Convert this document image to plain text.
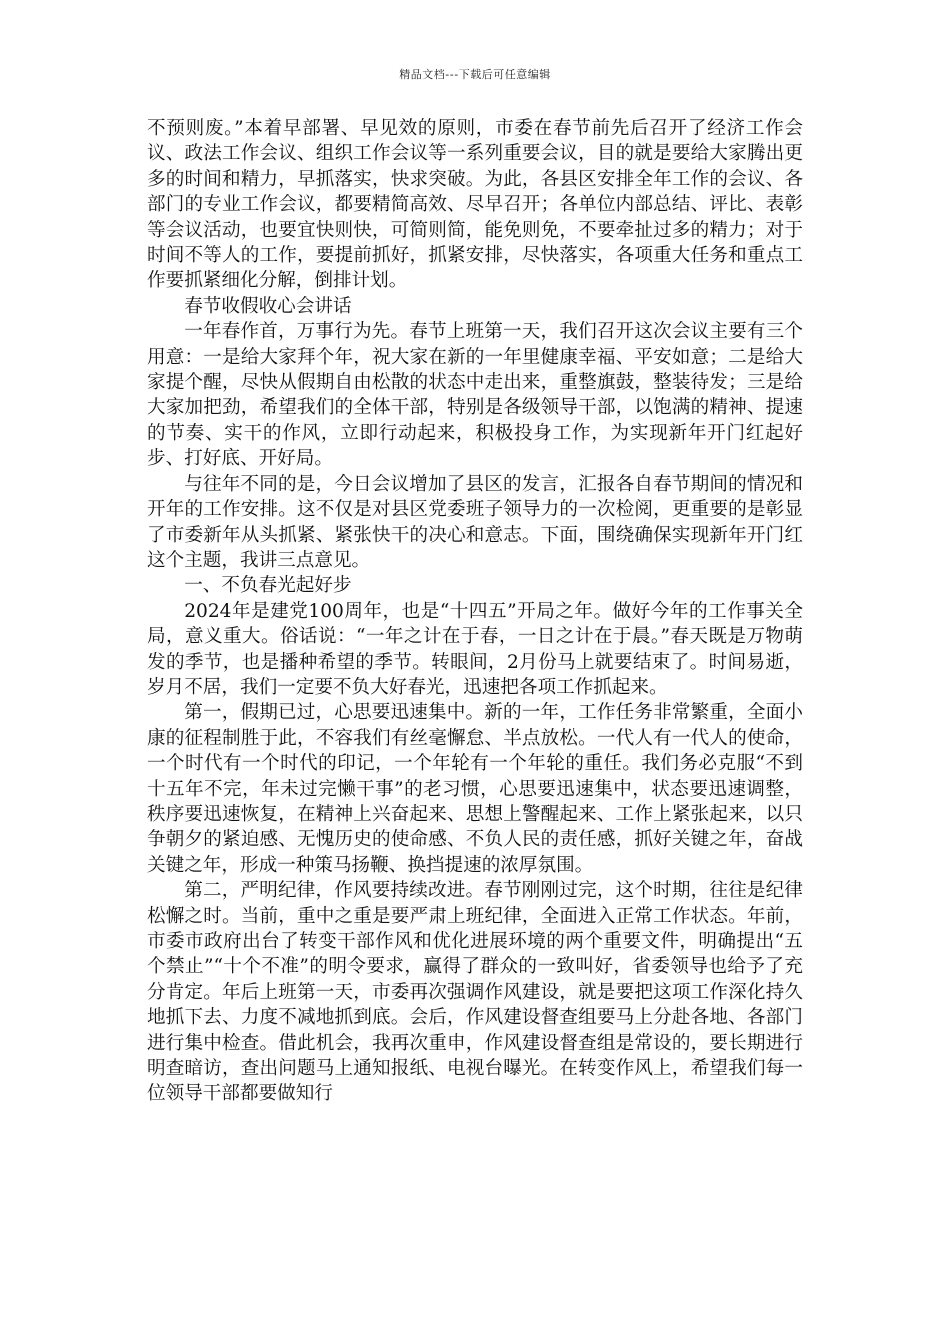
精品文档---下载后可任意编辑

不预则废。”本着早部署、早见效的原则，市委在春节前先后召开了经济工作会议、政法工作会议、组织工作会议等一系列重要会议，目的就是要给大家腾出更多的时间和精力，早抓落实，快求突破。为此，各县区安排全年工作的会议、各部门的专业工作会议，都要精简高效、尽早召开；各单位内部总结、评比、表彰等会议活动，也要宜快则快，可简则简，能免则免，不要牵扯过多的精力；对于时间不等人的工作，要提前抓好，抓紧安排，尽快落实，各项重大任务和重点工作要抓紧细化分解，倒排计划。

春节收假收心会讲话

一年春作首，万事行为先。春节上班第一天，我们召开这次会议主要有三个用意：一是给大家拜个年，祝大家在新的一年里健康幸福、平安如意；二是给大家提个醒，尽快从假期自由松散的状态中走出来，重整旗鼓，整装待发；三是给大家加把劲，希望我们的全体干部，特别是各级领导干部，以饱满的精神、提速的节奏、实干的作风，立即行动起来，积极投身工作，为实现新年开门红起好步、打好底、开好局。

与往年不同的是，今日会议增加了县区的发言，汇报各自春节期间的情况和开年的工作安排。这不仅是对县区党委班子领导力的一次检阅，更重要的是彰显了市委新年从头抓紧、紧张快干的决心和意志。下面，围绕确保实现新年开门红这个主题，我讲三点意见。

一、不负春光起好步

2024年是建党100周年，也是“十四五”开局之年。做好今年的工作事关全局，意义重大。俗话说：“一年之计在于春，一日之计在于晨。”春天既是万物萌发的季节，也是播种希望的季节。转眼间，2月份马上就要结束了。时间易逝，岁月不居，我们一定要不负大好春光，迅速把各项工作抓起来。

第一，假期已过，心思要迅速集中。新的一年，工作任务非常繁重，全面小康的征程制胜于此，不容我们有丝毫懈怠、半点放松。一代人有一代人的使命，一个时代有一个时代的印记，一个年轮有一个年轮的重任。我们务必克服“不到十五年不完，年未过完懒干事”的老习惯，心思要迅速集中，状态要迅速调整，秩序要迅速恢复，在精神上兴奋起来、思想上警醒起来、工作上紧张起来，以只争朝夕的紧迫感、无愧历史的使命感、不负人民的责任感，抓好关键之年，奋战关键之年，形成一种策马扬鞭、换挡提速的浓厚氛围。

第二，严明纪律，作风要持续改进。春节刚刚过完，这个时期，往往是纪律松懈之时。当前，重中之重是要严肃上班纪律，全面进入正常工作状态。年前，市委市政府出台了转变干部作风和优化进展环境的两个重要文件，明确提出“五个禁止”“十个不准”的明令要求，赢得了群众的一致叫好，省委领导也给予了充分肯定。年后上班第一天，市委再次强调作风建设，就是要把这项工作深化持久地抓下去、力度不减地抓到底。会后，作风建设督查组要马上分赴各地、各部门进行集中检查。借此机会，我再次重申，作风建设督查组是常设的，要长期进行明查暗访，查出问题马上通知报纸、电视台曝光。在转变作风上，希望我们每一位领导干部都要做知行
